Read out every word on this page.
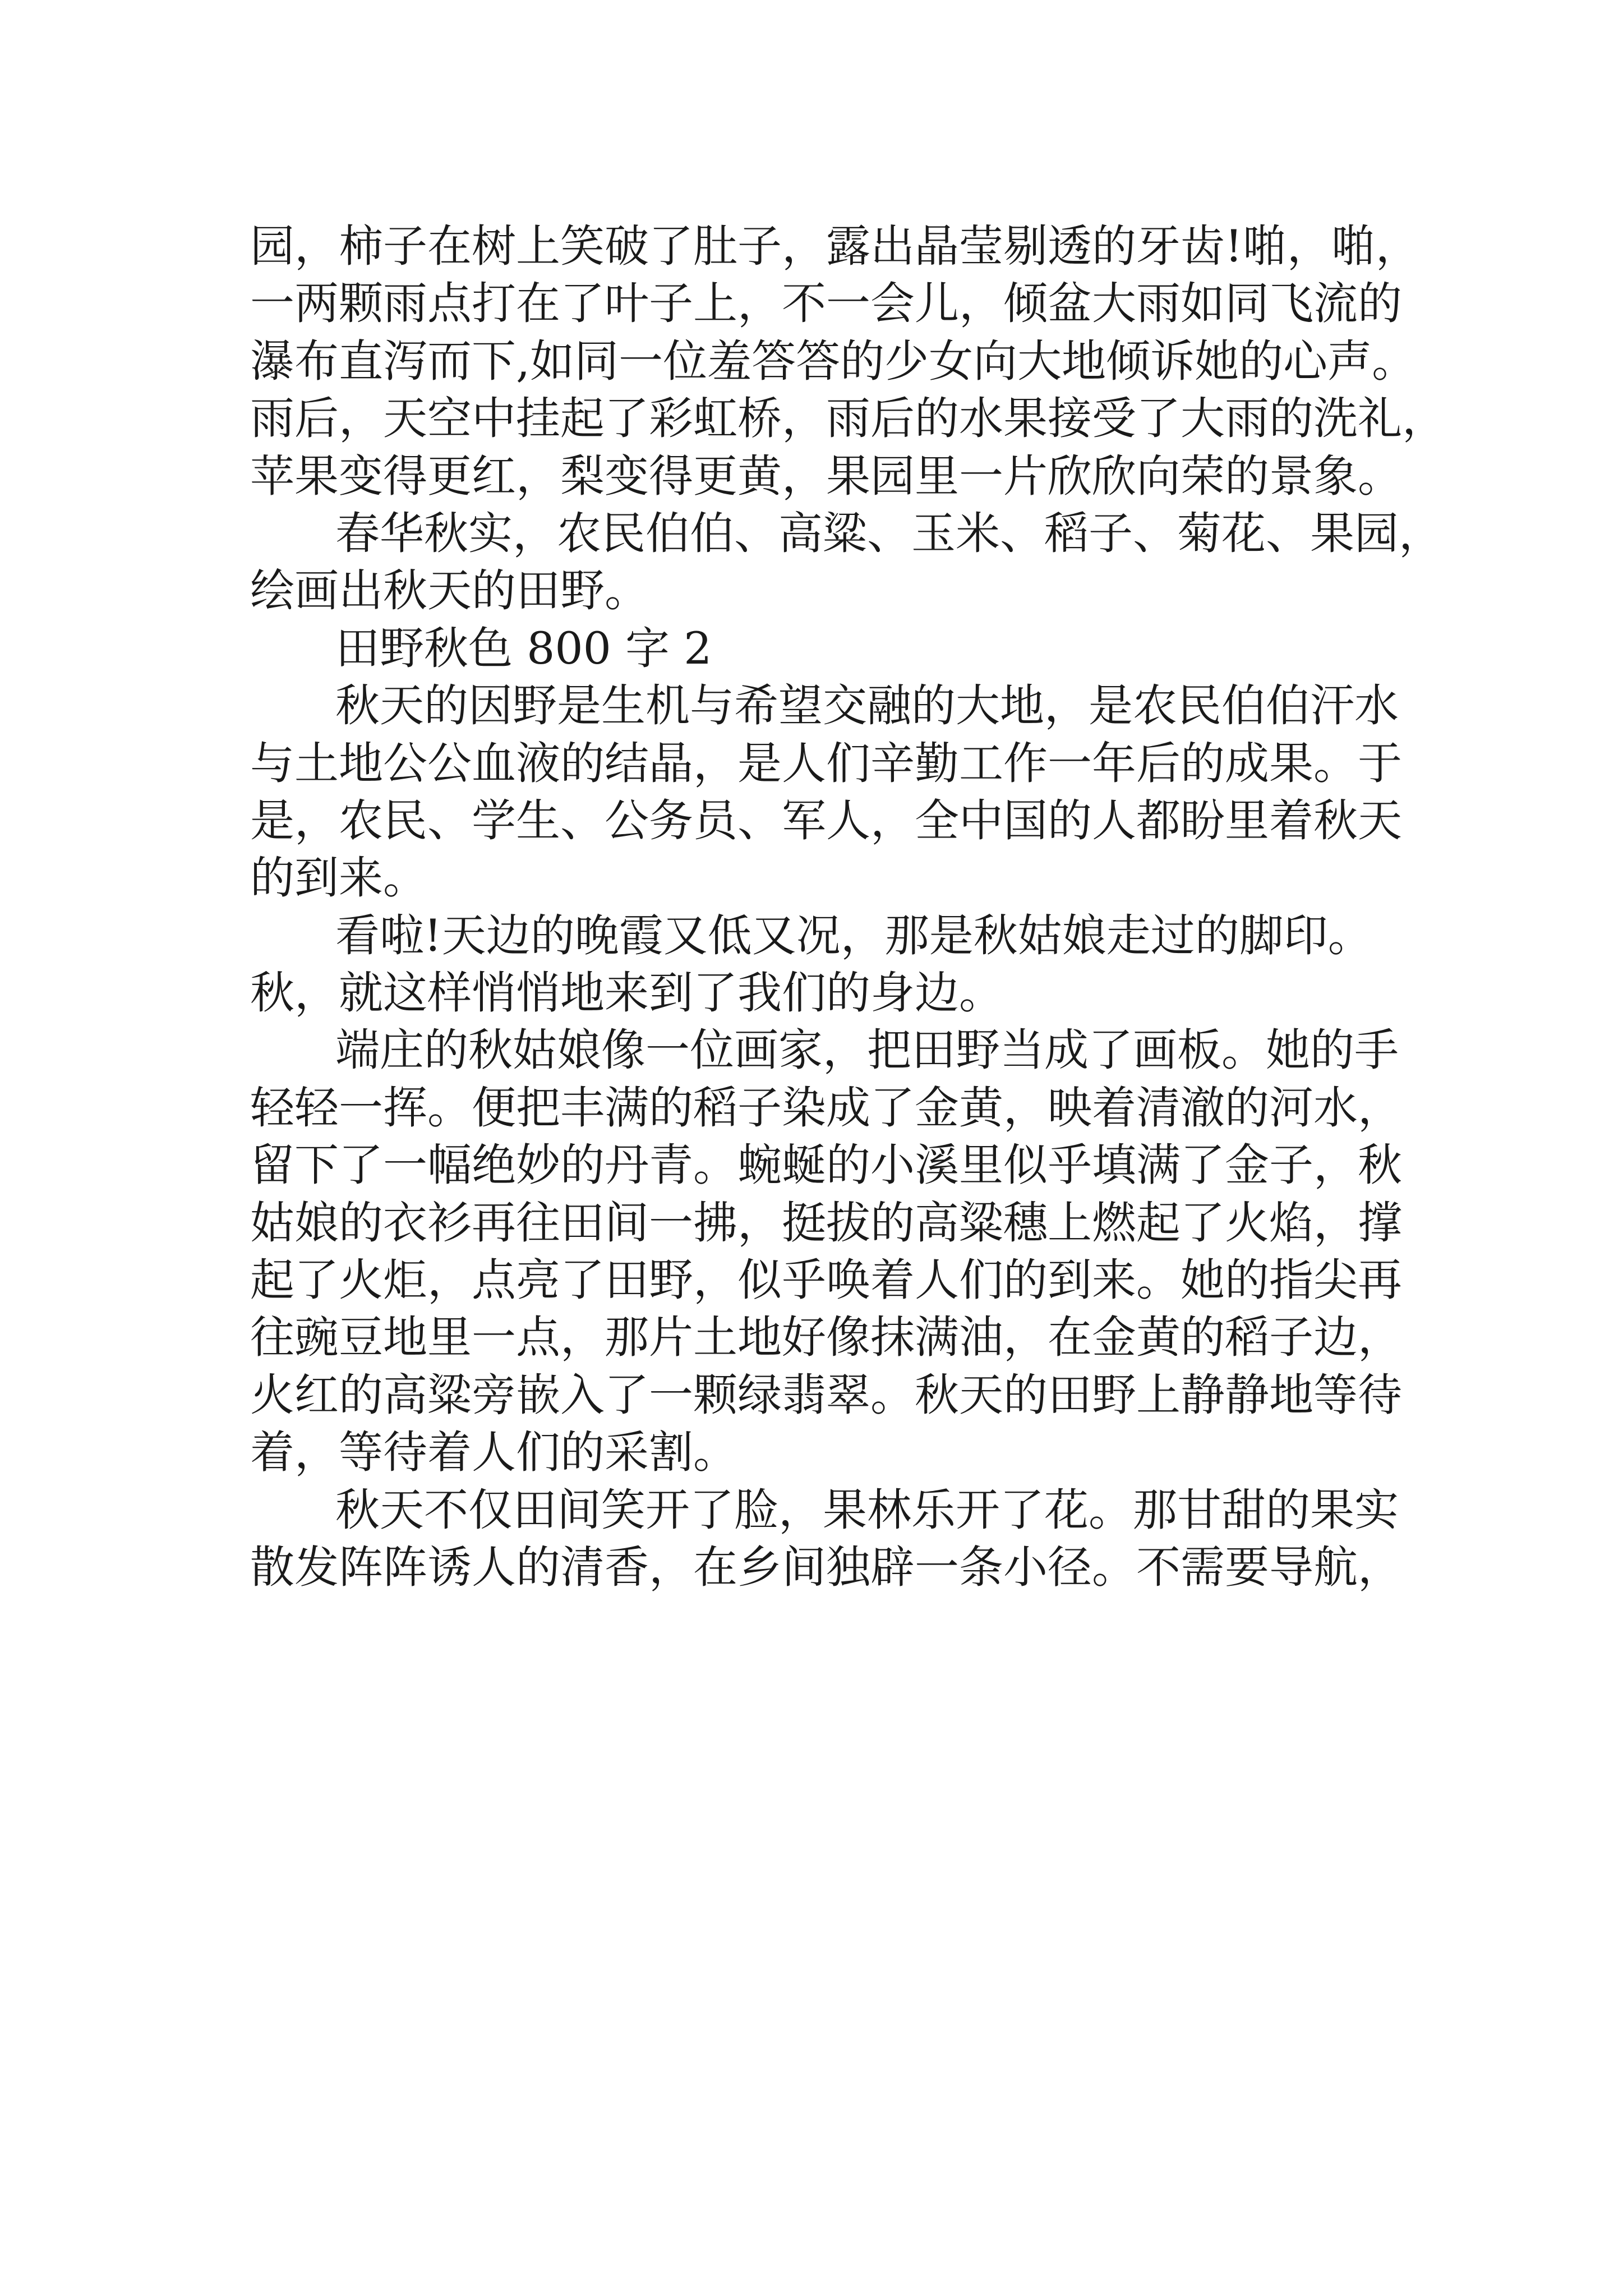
园，柿子在树上笑破了肚子，露出晶莹剔透的牙齿!啪，啪，
一两颗雨点打在了叶子上，不一会儿，倾盆大雨如同飞流的
瀑布直泻而下,如同一位羞答答的少女向大地倾诉她的心声。
雨后，天空中挂起了彩虹桥，雨后的水果接受了大雨的洗礼，
苹果变得更红，梨变得更黄，果园里一片欣欣向荣的景象。
春华秋实，农民伯伯、高粱、玉米、稻子、菊花、果园，
绘画出秋天的田野。
田野秋色 800 字 2
秋天的因野是生机与希望交融的大地，是农民伯伯汗水
与土地公公血液的结晶，是人们辛勤工作一年后的成果。于
是，农民、学生、公务员、军人，全中国的人都盼里着秋天
的到来。
看啦!天边的晚霞又低又况，那是秋姑娘走过的脚印。
秋，就这样悄悄地来到了我们的身边。
端庄的秋姑娘像一位画家，把田野当成了画板。她的手
轻轻一挥。便把丰满的稻子染成了金黄，映着清澈的河水，
留下了一幅绝妙的丹青。蜿蜒的小溪里似乎填满了金子，秋
姑娘的衣衫再往田间一拂，挺拔的高粱穗上燃起了火焰，撑
起了火炬，点亮了田野，似乎唤着人们的到来。她的指尖再
往豌豆地里一点，那片土地好像抹满油，在金黄的稻子边，
火红的高粱旁嵌入了一颗绿翡翠。秋天的田野上静静地等待
着，等待着人们的采割。
秋天不仅田间笑开了脸，果林乐开了花。那甘甜的果实
散发阵阵诱人的清香，在乡间独辟一条小径。不需要导航，
